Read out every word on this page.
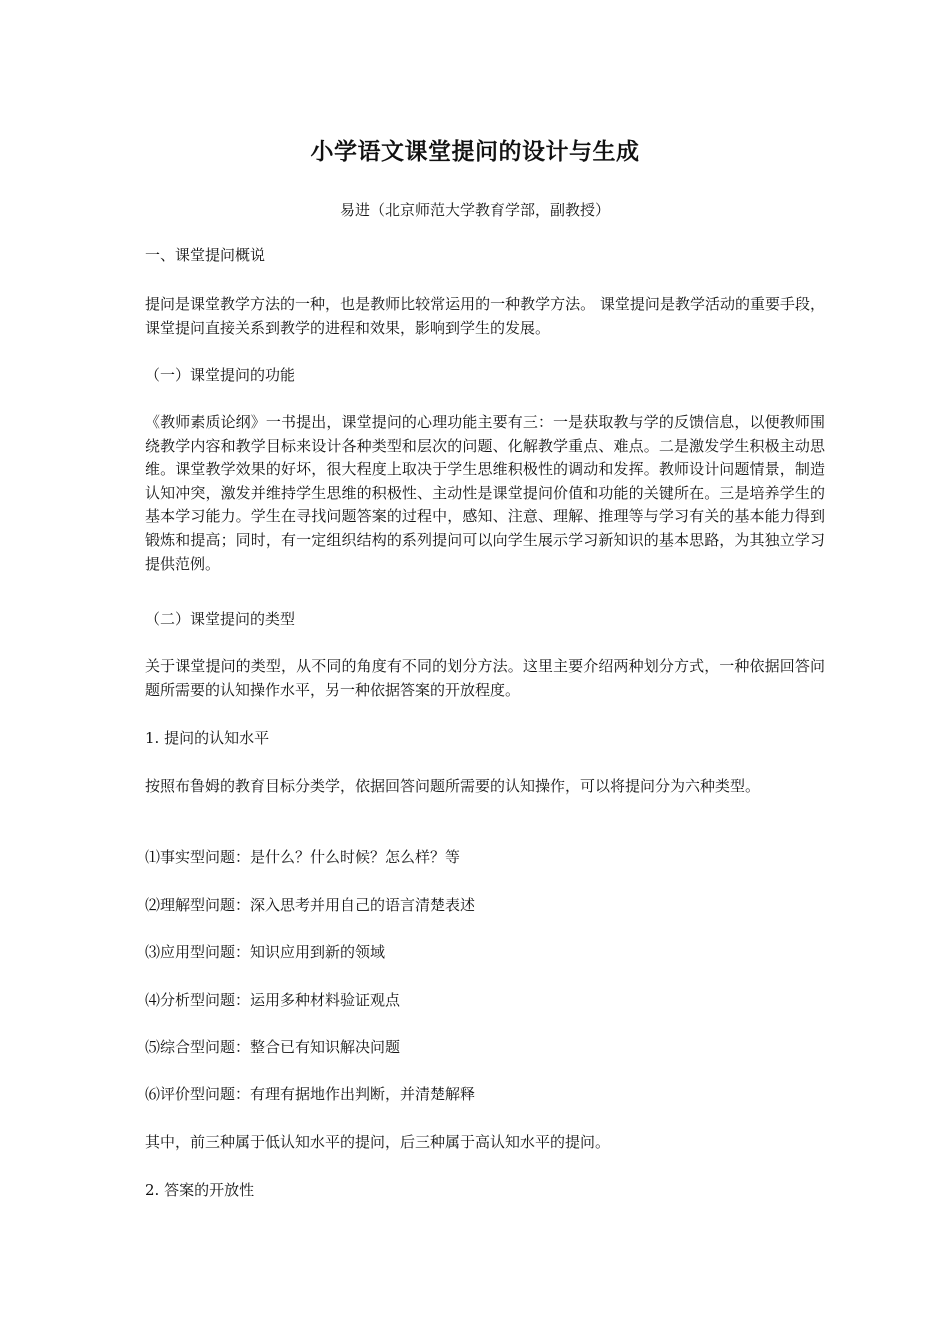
小学语文课堂提问的设计与生成

易进（北京师范大学教育学部，副教授）

一、课堂提问概说

提问是课堂教学方法的一种，也是教师比较常运用的一种教学方法。 课堂提问是教学活动的重要手段，课堂提问直接关系到教学的进程和效果，影响到学生的发展。

（一）课堂提问的功能

《教师素质论纲》一书提出，课堂提问的心理功能主要有三：一是获取教与学的反馈信息，以便教师围绕教学内容和教学目标来设计各种类型和层次的问题、化解教学重点、难点。二是激发学生积极主动思维。课堂教学效果的好坏，很大程度上取决于学生思维积极性的调动和发挥。教师设计问题情景，制造认知冲突，激发并维持学生思维的积极性、主动性是课堂提问价值和功能的关键所在。三是培养学生的基本学习能力。学生在寻找问题答案的过程中，感知、注意、理解、推理等与学习有关的基本能力得到锻炼和提高；同时，有一定组织结构的系列提问可以向学生展示学习新知识的基本思路，为其独立学习提供范例。

（二）课堂提问的类型

关于课堂提问的类型，从不同的角度有不同的划分方法。这里主要介绍两种划分方式，一种依据回答问题所需要的认知操作水平，另一种依据答案的开放程度。

1. 提问的认知水平

按照布鲁姆的教育目标分类学，依据回答问题所需要的认知操作，可以将提问分为六种类型。

⑴事实型问题：是什么？什么时候？怎么样？等

⑵理解型问题：深入思考并用自己的语言清楚表述

⑶应用型问题：知识应用到新的领域

⑷分析型问题：运用多种材料验证观点

⑸综合型问题：整合已有知识解决问题

⑹评价型问题：有理有据地作出判断，并清楚解释

其中，前三种属于低认知水平的提问，后三种属于高认知水平的提问。

2. 答案的开放性
